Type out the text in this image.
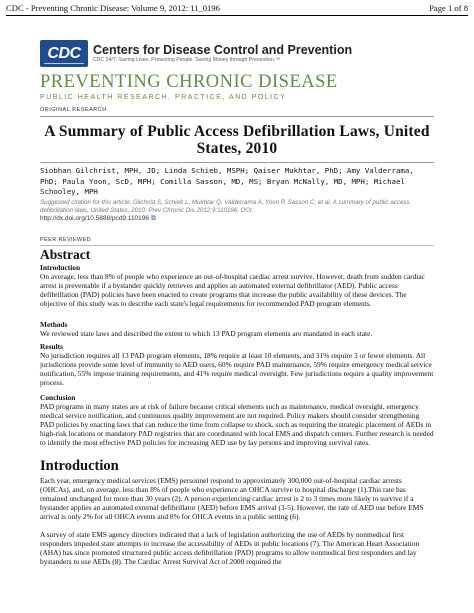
CDC - Preventing Chronic Disease: Volume 9, 2012: 11_0196	Page 1 of 8
CDC Centers for Disease Control and Prevention
CDC 24/7: Saving Lives. Protecting People. Saving Money through Prevention.™
PREVENTING CHRONIC DISEASE
PUBLIC HEALTH RESEARCH, PRACTICE, AND POLICY
ORIGINAL RESEARCH
A Summary of Public Access Defibrillation Laws, United States, 2010
Siobhan Gilchrist, MPH, JD; Linda Schieb, MSPH; Qaiser Mukhtar, PhD; Amy Valderrama, PhD; Paula Yoon, ScD, MPH; Comilla Sasson, MD, MS; Bryan McNally, MD, MPH; Michael Schooley, MPH
Suggested citation for this article: Gilchrist S, Schieb L, Mukhtar Q, Valderrama A, Yoon P, Sasson C, et al. A summary of public access defibrillation laws, United States, 2010. Prev Chronic Dis 2012;9:110196. DOI:
http://dx.doi.org/10.5888/pcd9.110196 ⧉
PEER REVIEWED
Abstract
Introduction

On average, less than 8% of people who experience an out-of-hospital cardiac arrest survive. However, death from sudden cardiac arrest is preventable if a bystander quickly retrieves and applies an automated external defibrillator (AED). Public access defibrillation (PAD) policies have been enacted to create programs that increase the public availability of these devices. The objective of this study was to describe each state's legal requirements for recommended PAD program elements.

Methods

We reviewed state laws and described the extent to which 13 PAD program elements are mandated in each state.

Results

No jurisdiction requires all 13 PAD program elements, 18% require at least 10 elements, and 31% require 3 or fewer elements. All jurisdictions provide some level of immunity to AED users, 60% require PAD maintenance, 59% require emergency medical service notification, 55% impose training requirements, and 41% require medical oversight. Few jurisdictions require a quality improvement process.

Conclusion

PAD programs in many states are at risk of failure because critical elements such as maintenance, medical oversight, emergency medical service notification, and continuous quality improvement are not required. Policy makers should consider strengthening PAD policies by enacting laws that can reduce the time from collapse to shock, such as requiring the strategic placement of AEDs in high-risk locations or mandatory PAD registries that are coordinated with local EMS and dispatch centers. Further research is needed to identify the most effective PAD policies for increasing AED use by lay persons and improving survival rates.

Introduction

Each year, emergency medical services (EMS) personnel respond to approximately 300,000 out-of-hospital cardiac arrests (OHCAs), and, on average, less than 8% of people who experience an OHCA survive to hospital discharge (1).This rate has remained unchanged for more than 30 years (2). A person experiencing cardiac arrest is 2 to 3 times more likely to survive if a bystander applies an automated external defibrillator (AED) before EMS arrival (3-5). However, the rate of AED use before EMS arrival is only 2% for all OHCA events and 8% for OHCA events in a public setting (6).

A survey of state EMS agency directors indicated that a lack of legislation authorizing the use of AEDs by nonmedical first responders impeded state attempts to increase the accessibility of AEDs in public locations (7). The American Heart Association (AHA) has since promoted structured public access defibrillation (PAD) programs to allow nonmedical first responders and lay bystanders to use AEDs (8). The Cardiac Arrest Survival Act of 2000 required the
